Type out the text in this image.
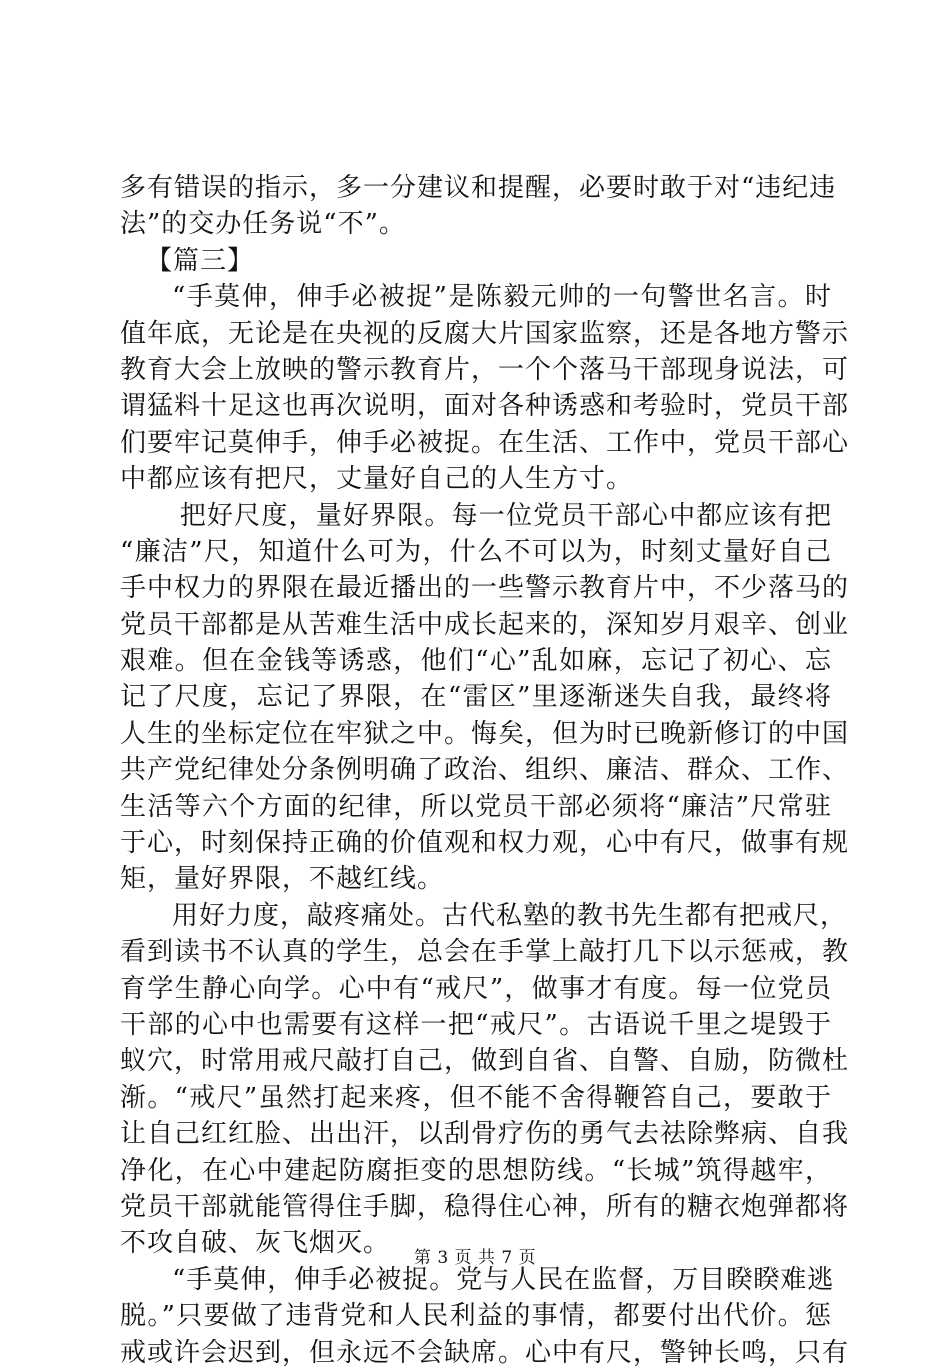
多有错误的指示，多一分建议和提醒，必要时敢于对“违纪违
法”的交办任务说“不”。
【篇三】
“手莫伸，伸手必被捉”是陈毅元帅的一句警世名言。时
值年底，无论是在央视的反腐大片国家监察，还是各地方警示
教育大会上放映的警示教育片，一个个落马干部现身说法，可
谓猛料十足这也再次说明，面对各种诱惑和考验时，党员干部
们要牢记莫伸手，伸手必被捉。在生活、工作中，党员干部心
中都应该有把尺，丈量好自己的人生方寸。
把好尺度，量好界限。每一位党员干部心中都应该有把
“廉洁”尺，知道什么可为，什么不可以为，时刻丈量好自己
手中权力的界限在最近播出的一些警示教育片中，不少落马的
党员干部都是从苦难生活中成长起来的，深知岁月艰辛、创业
艰难。但在金钱等诱惑，他们“心”乱如麻，忘记了初心、忘
记了尺度，忘记了界限，在“雷区”里逐渐迷失自我，最终将
人生的坐标定位在牢狱之中。悔矣，但为时已晚新修订的中国
共产党纪律处分条例明确了政治、组织、廉洁、群众、工作、
生活等六个方面的纪律，所以党员干部必须将“廉洁”尺常驻
于心，时刻保持正确的价值观和权力观，心中有尺，做事有规
矩，量好界限，不越红线。
用好力度，敲疼痛处。古代私塾的教书先生都有把戒尺，
看到读书不认真的学生，总会在手掌上敲打几下以示惩戒，教
育学生静心向学。心中有“戒尺”，做事才有度。每一位党员
干部的心中也需要有这样一把“戒尺”。古语说千里之堤毁于
蚁穴，时常用戒尺敲打自己，做到自省、自警、自励，防微杜
渐。“戒尺”虽然打起来疼，但不能不舍得鞭笞自己，要敢于
让自己红红脸、出出汗，以刮骨疗伤的勇气去祛除弊病、自我
净化，在心中建起防腐拒变的思想防线。“长城”筑得越牢，
党员干部就能管得住手脚，稳得住心神，所有的糖衣炮弹都将
不攻自破、灰飞烟灭。
“手莫伸，伸手必被捉。党与人民在监督，万目睽睽难逃
脱。”只要做了违背党和人民利益的事情，都要付出代价。惩
戒或许会迟到，但永远不会缺席。心中有尺，警钟长鸣，只有
第 3 页 共 7 页
